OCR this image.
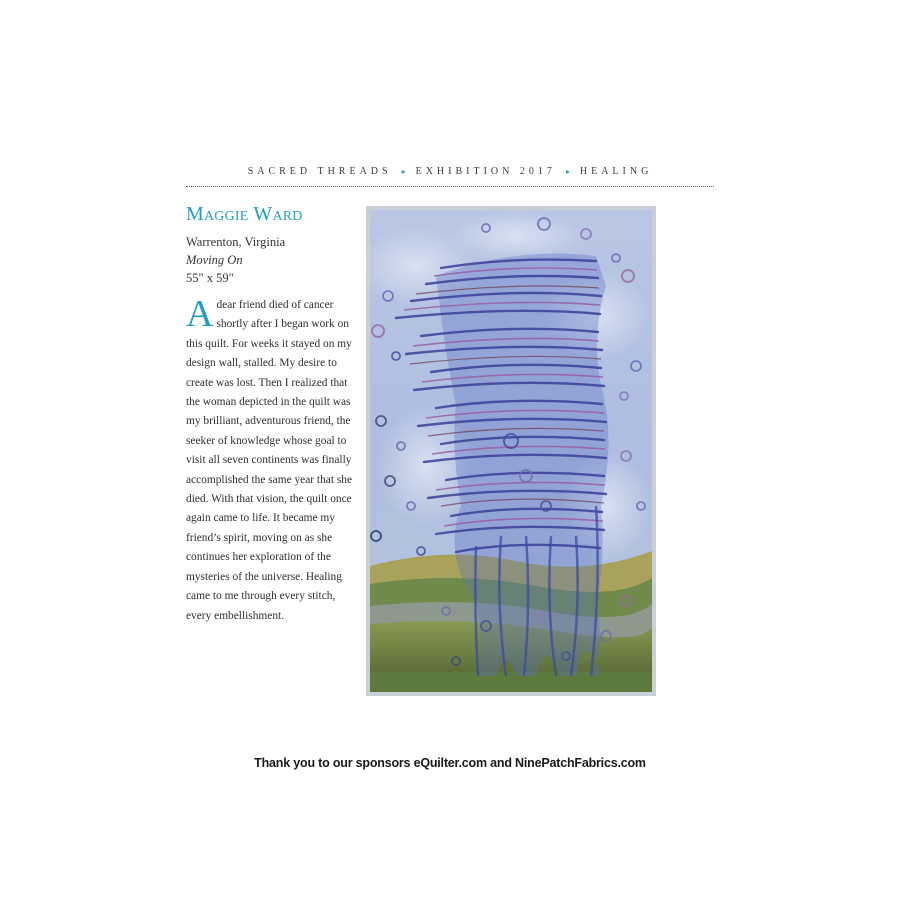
SACRED THREADS ▸ EXHIBITION 2017 ▸ HEALING
Maggie Ward
Warrenton, Virginia
Moving On
55" x 59"
A dear friend died of cancer shortly after I began work on this quilt. For weeks it stayed on my design wall, stalled. My desire to create was lost. Then I realized that the woman depicted in the quilt was my brilliant, adventurous friend, the seeker of knowledge whose goal to visit all seven continents was finally accomplished the same year that she died. With that vision, the quilt once again came to life. It became my friend’s spirit, moving on as she continues her exploration of the mysteries of the universe. Healing came to me through every stitch, every embellishment.
Thank you to our sponsors eQuilter.com and NinePatchFabrics.com
